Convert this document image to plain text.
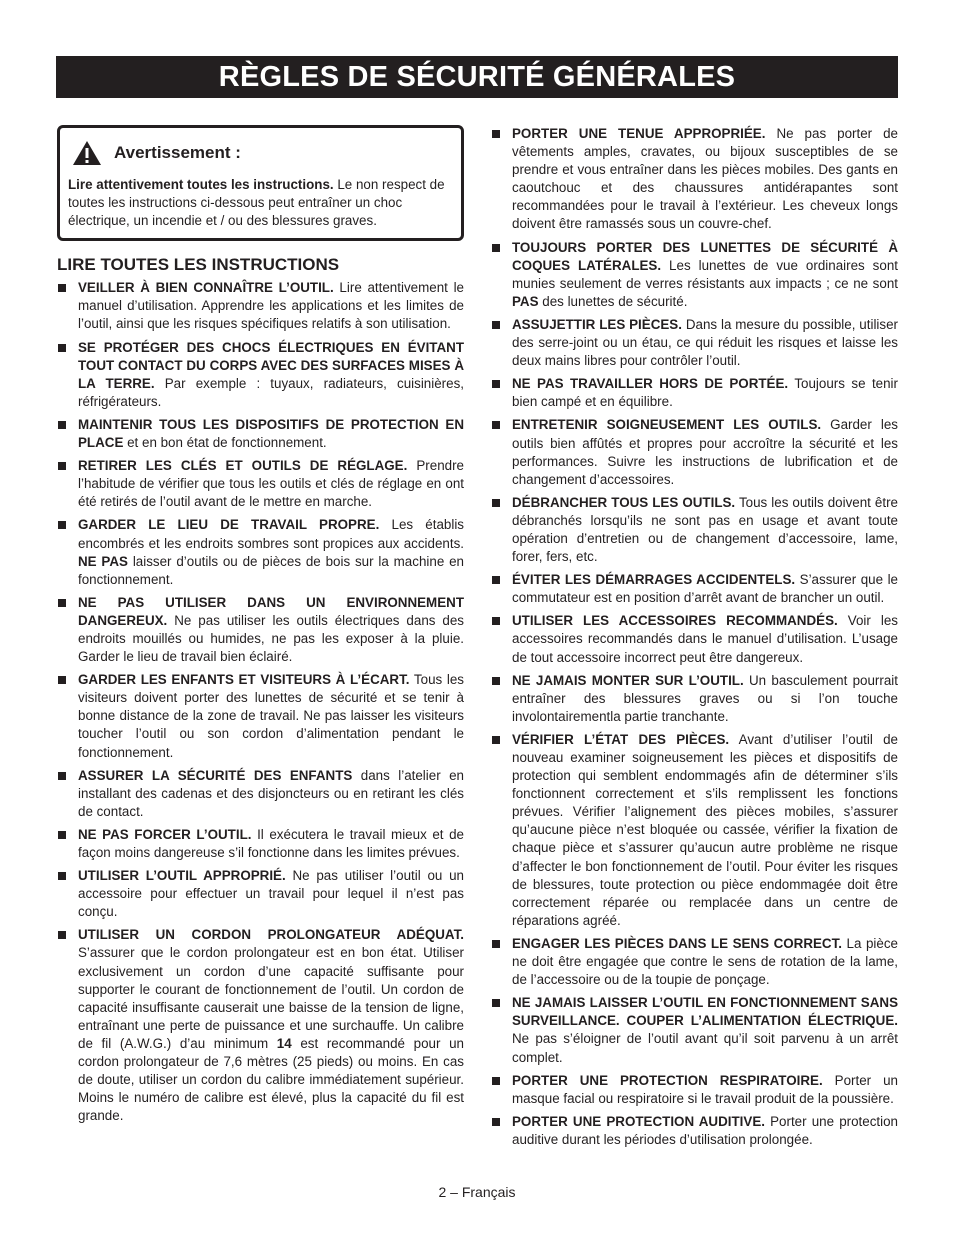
RÈGLES DE SÉCURITÉ GÉNÉRALES
Avertissement :
Lire attentivement toutes les instructions. Le non respect de toutes les instructions ci-dessous peut entraîner un choc électrique, un incendie et / ou des blessures graves.
LIRE TOUTES LES INSTRUCTIONS
VEILLER À BIEN CONNAÎTRE L’OUTIL. Lire attentivement le manuel d’utilisation. Apprendre les applications et les limites de l’outil, ainsi que les risques spécifiques relatifs à son utilisation.
SE PROTÉGER DES CHOCS ÉLECTRIQUES EN ÉVITANT TOUT CONTACT DU CORPS AVEC DES SURFACES MISES À LA TERRE. Par exemple : tuyaux, radiateurs, cuisinières, réfrigérateurs.
MAINTENIR TOUS LES DISPOSITIFS DE PROTECTION EN PLACE et en bon état de fonctionnement.
RETIRER LES CLÉS ET OUTILS DE RÉGLAGE. Prendre l’habitude de vérifier que tous les outils et clés de réglage en ont été retirés de l’outil avant de le mettre en marche.
GARDER LE LIEU DE TRAVAIL PROPRE. Les établis encombrés et les endroits sombres sont propices aux accidents. NE PAS laisser d’outils ou de pièces de bois sur la machine en fonctionnement.
NE PAS UTILISER DANS UN ENVIRONNEMENT DANGEREUX. Ne pas utiliser les outils électriques dans des endroits mouillés ou humides, ne pas les exposer à la pluie. Garder le lieu de travail bien éclairé.
GARDER LES ENFANTS ET VISITEURS À L’ÉCART. Tous les visiteurs doivent porter des lunettes de sécurité et se tenir à bonne distance de la zone de travail. Ne pas laisser les visiteurs toucher l’outil ou son cordon d’alimentation pendant le fonctionnement.
ASSURER LA SÉCURITÉ DES ENFANTS dans l’atelier en installant des cadenas et des disjoncteurs ou en retirant les clés de contact.
NE PAS FORCER L’OUTIL. Il exécutera le travail mieux et de façon moins dangereuse s’il fonctionne dans les limites prévues.
UTILISER L’OUTIL APPROPRIÉ. Ne pas utiliser l’outil ou un accessoire pour effectuer un travail pour lequel il n’est pas conçu.
UTILISER UN CORDON PROLONGATEUR ADÉQUAT. S’assurer que le cordon prolongateur est en bon état. Utiliser exclusivement un cordon d’une capacité suffisante pour supporter le courant de fonctionnement de l’outil. Un cordon de capacité insuffisante causerait une baisse de la tension de ligne, entraînant une perte de puissance et une surchauffe. Un calibre de fil (A.W.G.) d’au minimum 14 est recommandé pour un cordon prolongateur de 7,6 mètres (25 pieds) ou moins. En cas de doute, utiliser un cordon du calibre immédiatement supérieur. Moins le numéro de calibre est élevé, plus la capacité du fil est grande.
PORTER UNE TENUE APPROPRIÉE. Ne pas porter de vêtements amples, cravates, ou bijoux susceptibles de se prendre et vous entraîner dans les pièces mobiles. Des gants en caoutchouc et des chaussures antidérapantes sont recommandées pour le travail à l’extérieur. Les cheveux longs doivent être ramassés sous un couvre-chef.
TOUJOURS PORTER DES LUNETTES DE SÉCURITÉ À COQUES LATÉRALES. Les lunettes de vue ordinaires sont munies seulement de verres résistants aux impacts ; ce ne sont PAS des lunettes de sécurité.
ASSUJETTIR LES PIÈCES. Dans la mesure du possible, utiliser des serre-joint ou un étau, ce qui réduit les risques et laisse les deux mains libres pour contrôler l’outil.
NE PAS TRAVAILLER HORS DE PORTÉE. Toujours se tenir bien campé et en équilibre.
ENTRETENIR SOIGNEUSEMENT LES OUTILS. Garder les outils bien affûtés et propres pour accroître la sécurité et les performances. Suivre les instructions de lubrification et de changement d’accessoires.
DÉBRANCHER TOUS LES OUTILS. Tous les outils doivent être débranchés lorsqu’ils ne sont pas en usage et avant toute opération d’entretien ou de changement d’accessoire, lame, forer, fers, etc.
ÉVITER LES DÉMARRAGES ACCIDENTELS. S’assurer que le commutateur est en position d’arrêt avant de brancher un outil.
UTILISER LES ACCESSOIRES RECOMMANDÉS. Voir les accessoires recommandés dans le manuel d’utilisation. L’usage de tout accessoire incorrect peut être dangereux.
NE JAMAIS MONTER SUR L’OUTIL. Un basculement pourrait entraîner des blessures graves ou si l’on touche involontairementla partie tranchante.
VÉRIFIER L’ÉTAT DES PIÈCES. Avant d’utiliser l’outil de nouveau examiner soigneusement les pièces et dispositifs de protection qui semblent endommagés afin de déterminer s’ils fonctionnent correctement et s’ils remplissent les fonctions prévues. Vérifier l’alignement des pièces mobiles, s’assurer qu’aucune pièce n’est bloquée ou cassée, vérifier la fixation de chaque pièce et s’assurer qu’aucun autre problème ne risque d’affecter le bon fonctionnement de l’outil. Pour éviter les risques de blessures, toute protection ou pièce endommagée doit être correctement réparée ou remplacée dans un centre de réparations agréé.
ENGAGER LES PIÈCES DANS LE SENS CORRECT. La pièce ne doit être engagée que contre le sens de rotation de la lame, de l’accessoire ou de la toupie de ponçage.
NE JAMAIS LAISSER L’OUTIL EN FONCTIONNEMENT SANS SURVEILLANCE. COUPER L’ALIMENTATION ÉLECTRIQUE. Ne pas s’éloigner de l’outil avant qu’il soit parvenu à un arrêt complet.
PORTER UNE PROTECTION RESPIRATOIRE. Porter un masque facial ou respiratoire si le travail produit de la poussière.
PORTER UNE PROTECTION AUDITIVE. Porter une protection auditive durant les périodes d’utilisation prolongée.
2 – Français
